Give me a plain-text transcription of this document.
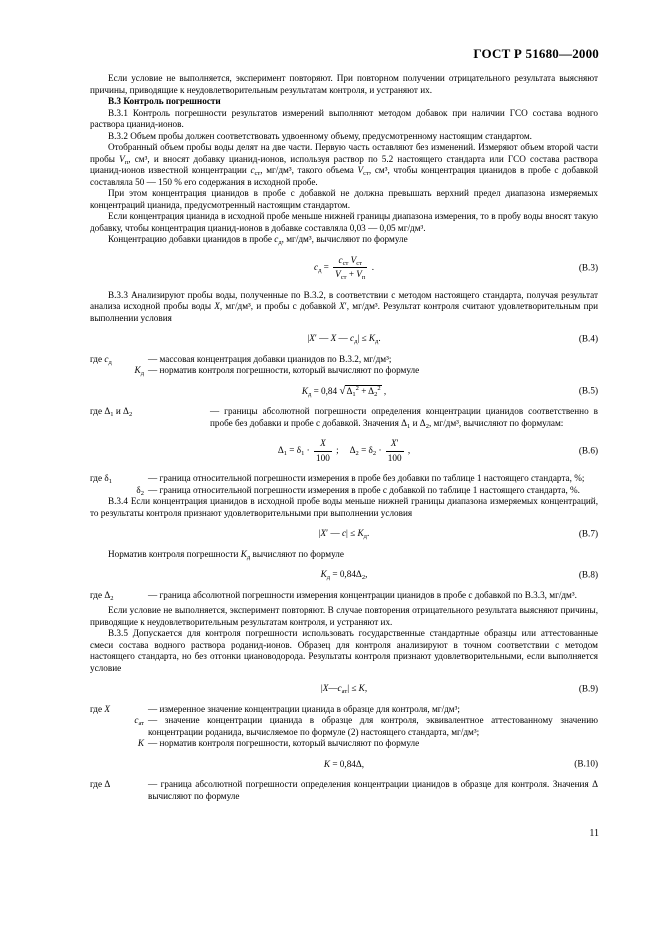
ГОСТ Р 51680—2000

Если условие не выполняется, эксперимент повторяют. При повторном получении отрицательного результата выясняют причины, приводящие к неудовлетворительным результатам контроля, и устраняют их.

В.3 Контроль погрешности

В.3.1 Контроль погрешности результатов измерений выполняют методом добавок при наличии ГСО состава водного раствора цианид-ионов.

В.3.2 Объем пробы должен соответствовать удвоенному объему, предусмотренному настоящим стандартом.

Отобранный объем пробы воды делят на две части. Первую часть оставляют без изменений. Измеряют объем второй части пробы $V_п$, см³, и вносят добавку цианид-ионов, используя раствор по 5.2 настоящего стандарта или ГСО состава раствора цианид-ионов известной концентрации $c_{ст}$, мг/дм³, такого объема $V_{ст}$, см³, чтобы концентрация цианидов в пробе с добавкой составляла 50 — 150 % его содержания в исходной пробе.

При этом концентрация цианидов в пробе с добавкой не должна превышать верхний предел диапазона измеряемых концентраций цианида, предусмотренный настоящим стандартом.

Если концентрация цианида в исходной пробе меньше нижней границы диапазона измерения, то в пробу воды вносят такую добавку, чтобы концентрация цианид-ионов в добавке составляла 0,03 — 0,05 мг/дм³.

Концентрацию добавки цианидов в пробе $c_д$, мг/дм³, вычисляют по формуле

$c_д = \frac{c_{ст} V_{ст}}{V_{ст} + V_п}$ .	(В.3)

В.3.3 Анализируют пробы воды, полученные по В.3.2, в соответствии с методом настоящего стандарта, получая результат анализа исходной пробы воды X, мг/дм³, и пробы с добавкой X′, мг/дм³. Результат контроля считают удовлетворительным при выполнении условия

|X′ — X — $c_д| \le K_д$.	(В.4)
где $c_д$	— массовая концентрация добавки цианидов по В.3.2, мг/дм³;
$K_д$ — норматив контроля погрешности, который вычисляют по формуле
$K_д = 0,84$ $√\Delta_1^2 + \Delta_2^2$ ,	(В.5)
где $\Delta_1$ и $\Delta_2$	— границы абсолютной погрешности определения концентрации цианидов соответственно в пробе без добавки и пробе с добавкой. Значения $\Delta_1$ и $\Delta_2$, мг/дм³, вычисляют по формулам:
$\Delta_1 = \delta_1 \cdot \frac{X}{100}$ ;     $\Delta_2 = \delta_2 \cdot \frac{X'}{100}$ ,	(В.6)
где $\delta_1$	— граница относительной погрешности измерения в пробе без добавки по таблице 1 настоящего стандарта, %;
$\delta_2$ — граница относительной погрешности измерения в пробе с добавкой по таблице 1 настоящего стандарта, %.

В.3.4 Если концентрация цианидов в исходной пробе воды меньше нижней границы диапазона измеряемых концентраций, то результаты контроля признают удовлетворительными при выполнении условия

|X′ — $c| \le K_д$.	(В.7)

Норматив контроля погрешности $K_д$ вычисляют по формуле

$K_д = 0,84\Delta_2$,	(В.8)
где $\Delta_2$	— граница абсолютной погрешности измерения концентрации цианидов в пробе с добавкой по В.3.3, мг/дм³.

Если условие не выполняется, эксперимент повторяют. В случае повторения отрицательного результата выясняют причины, приводящие к неудовлетворительным результатам контроля, и устраняют их.

В.3.5 Допускается для контроля погрешности использовать государственные стандартные образцы или аттестованные смеси состава водного раствора роданид-ионов. Образец для контроля анализируют в точном соответствии с методом настоящего стандарта, но без отгонки циановодорода. Результаты контроля признают удовлетворительными, если выполняется условие

$|X—c_{ат}| \le K$,	(В.9)
где X	— измеренное значение концентрации цианида в образце для контроля, мг/дм³;
$c_{ат}$ — значение концентрации цианида в образце для контроля, эквивалентное аттестованному значению концентрации роданида, вычисляемое по формуле (2) настоящего стандарта, мг/дм³;
K — норматив контроля погрешности, который вычисляют по формуле
K = 0,84Δ,	(В.10)
где Δ	— граница абсолютной погрешности определения концентрации цианидов в образце для контроля. Значения Δ вычисляют по формуле
11
